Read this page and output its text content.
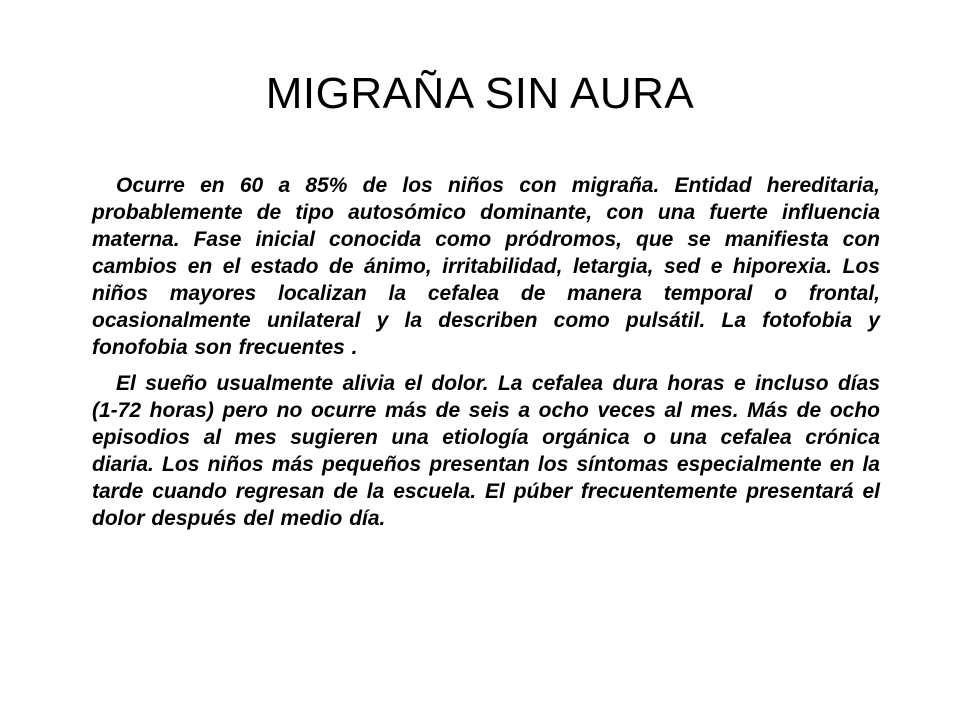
MIGRAÑA SIN AURA

Ocurre en 60 a 85% de los niños con migraña. Entidad hereditaria, probablemente de tipo autosómico dominante, con una fuerte influencia materna. Fase inicial conocida como pródromos, que se manifiesta con cambios en el estado de ánimo, irritabilidad, letargia, sed e hiporexia. Los niños mayores localizan la cefalea de manera temporal o frontal, ocasionalmente unilateral y la describen como pulsátil. La fotofobia y fonofobia son frecuentes .

El sueño usualmente alivia el dolor. La cefalea dura horas e incluso días (1-72 horas) pero no ocurre más de seis a ocho veces al mes. Más de ocho episodios al mes sugieren una etiología orgánica o una cefalea crónica diaria. Los niños más pequeños presentan los síntomas especialmente en la tarde cuando regresan de la escuela. El púber frecuentemente presentará el dolor después del medio día.
